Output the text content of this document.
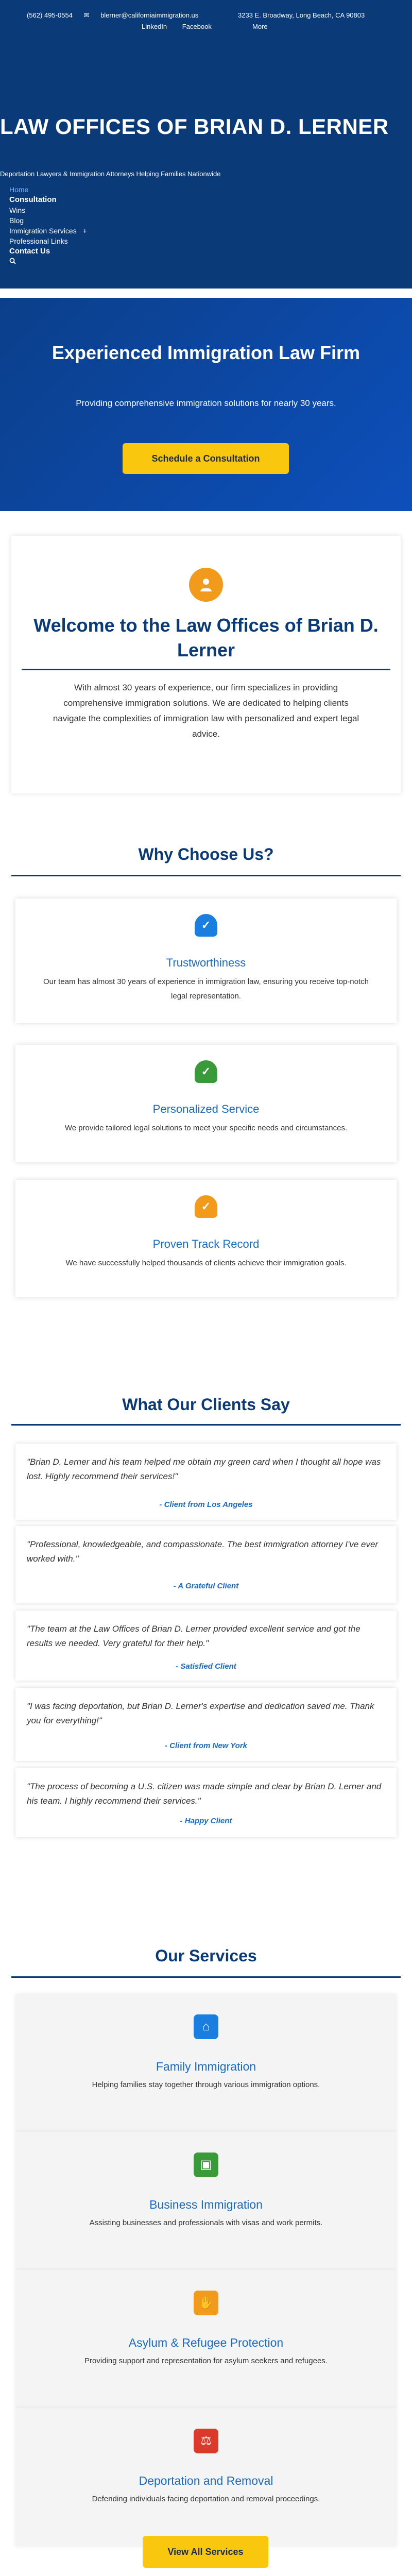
(562) 495-0554 ✉ blerner@californiaimmigration.us	3233 E. Broadway, Long Beach, CA 90803
LinkedIn Facebook	More
LAW OFFICES OF BRIAN D. LERNER
Deportation Lawyers & Immigration Attorneys Helping Families Nationwide
Home
Consultation
Wins
Blog
Immigration Services +
Professional Links
Contact Us
Experienced Immigration Law Firm

Providing comprehensive immigration solutions for nearly 30 years.

Schedule a Consultation
Welcome to the Law Offices of Brian D. Lerner

With almost 30 years of experience, our firm specializes in providing comprehensive immigration solutions. We are dedicated to helping clients navigate the complexities of immigration law with personalized and expert legal advice.

Why Choose Us?
✓
Trustworthiness

Our team has almost 30 years of experience in immigration law, ensuring you receive top-notch legal representation.

✓
Personalized Service

We provide tailored legal solutions to meet your specific needs and circumstances.

✓
Proven Track Record

We have successfully helped thousands of clients achieve their immigration goals.

What Our Clients Say

"Brian D. Lerner and his team helped me obtain my green card when I thought all hope was lost. Highly recommend their services!"

- Client from Los Angeles

"Professional, knowledgeable, and compassionate. The best immigration attorney I've ever worked with."

- A Grateful Client

"The team at the Law Offices of Brian D. Lerner provided excellent service and got the results we needed. Very grateful for their help."

- Satisfied Client

"I was facing deportation, but Brian D. Lerner's expertise and dedication saved me. Thank you for everything!"

- Client from New York

"The process of becoming a U.S. citizen was made simple and clear by Brian D. Lerner and his team. I highly recommend their services."

- Happy Client
Our Services
⌂
Family Immigration

Helping families stay together through various immigration options.

▣
Business Immigration

Assisting businesses and professionals with visas and work permits.

✋
Asylum & Refugee Protection

Providing support and representation for asylum seekers and refugees.

⚖
Deportation and Removal

Defending individuals facing deportation and removal proceedings.

View All Services
